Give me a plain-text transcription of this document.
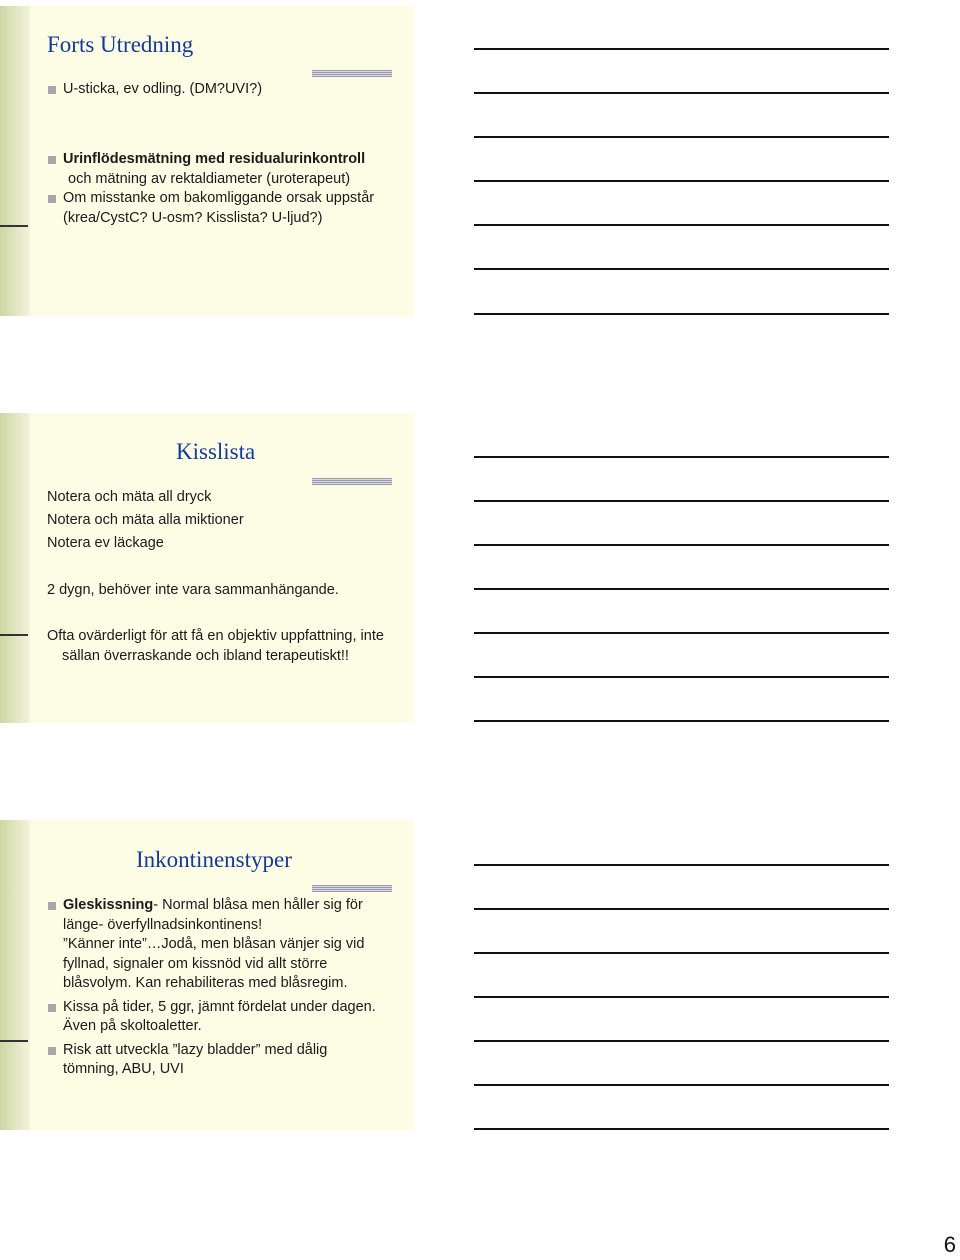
Forts Utredning
U-sticka, ev odling. (DM?UVI?)
Urinflödesmätning med residualurinkontroll
och mätning av rektaldiameter (uroterapeut)
Om misstanke om bakomliggande orsak uppstår (krea/CystC? U-osm? Kisslista? U-ljud?)
Kisslista
Notera och mäta all dryck
Notera och mäta alla miktioner
Notera ev läckage
2 dygn, behöver inte vara sammanhängande.
Ofta ovärderligt för att få en objektiv uppfattning, inte sällan överraskande och ibland terapeutiskt!!
Inkontinenstyper
Gleskissning- Normal blåsa men håller sig för länge- överfyllnadsinkontinens!
”Känner inte”…Jodå, men blåsan vänjer sig vid fyllnad, signaler om kissnöd vid allt större blåsvolym. Kan rehabiliteras med blåsregim.
Kissa på tider, 5 ggr, jämnt fördelat under dagen. Även på skoltoaletter.
Risk att utveckla ”lazy bladder” med dålig tömning, ABU, UVI
6
